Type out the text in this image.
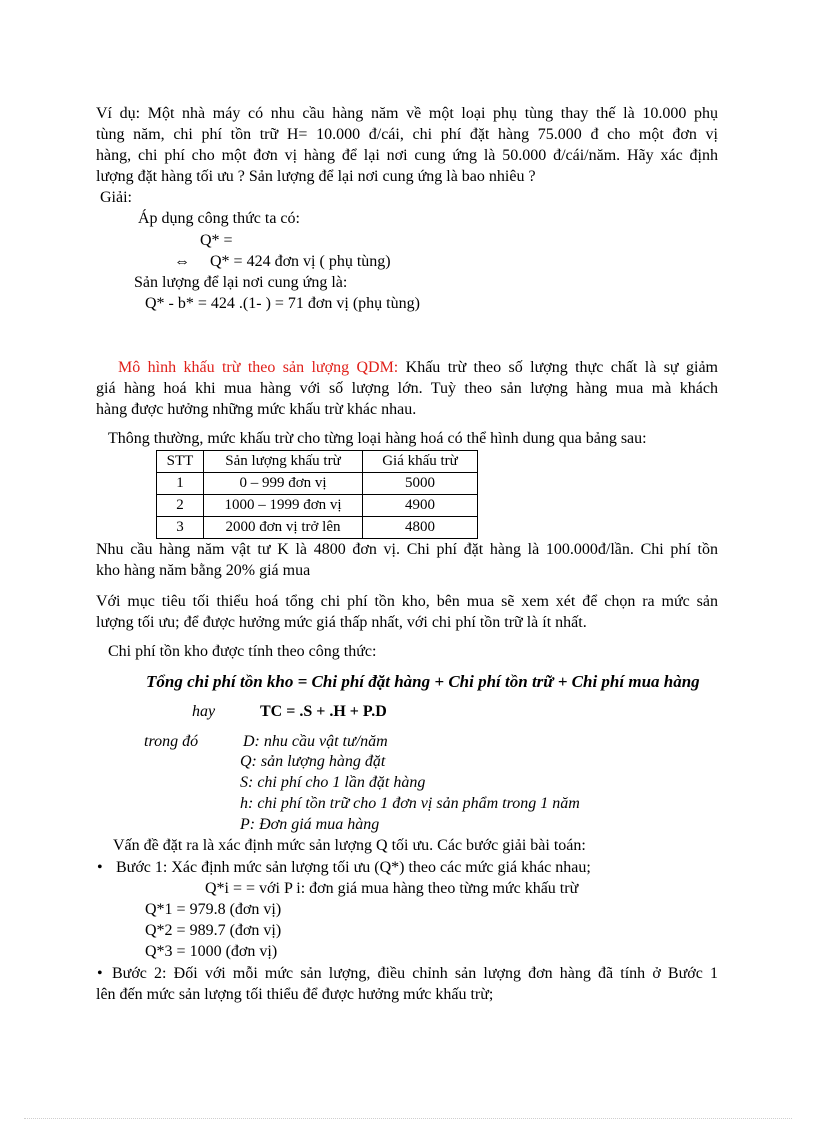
Ví dụ: Một nhà máy có nhu cầu hàng năm về một loại phụ tùng thay thế là 10.000 phụ
tùng năm, chi phí tồn trữ H= 10.000 đ/cái, chi phí đặt hàng 75.000 đ cho một đơn vị
hàng, chi phí cho một đơn vị hàng để lại nơi cung ứng là 50.000 đ/cái/năm. Hãy xác định
lượng đặt hàng tối ưu ? Sản lượng để lại nơi cung ứng là bao nhiêu ?
Giải:
Áp dụng công thức ta có:
Q* =
⇔ Q* = 424 đơn vị ( phụ tùng)
Sản lượng để lại nơi cung ứng là:
Q* - b* = 424 .(1- ) = 71 đơn vị (phụ tùng)
Mô hình khấu trừ theo sản lượng QDM: Khấu trừ theo số lượng thực chất là sự giảm
giá hàng hoá khi mua hàng với số lượng lớn. Tuỳ theo sản lượng hàng mua mà khách
hàng được hưởng những mức khấu trừ khác nhau.
Thông thường, mức khấu trừ cho từng loại hàng hoá có thể hình dung qua bảng sau:
STT	Sản lượng khấu trừ	Giá khấu trừ
1	0 – 999 đơn vị	5000
2	1000 – 1999 đơn vị	4900
3	2000 đơn vị trở lên	4800
Nhu cầu hàng năm vật tư K là 4800 đơn vị. Chi phí đặt hàng là 100.000đ/lần. Chi phí tồn
kho hàng năm bằng 20% giá mua
Với mục tiêu tối thiểu hoá tổng chi phí tồn kho, bên mua sẽ xem xét để chọn ra mức sản
lượng tối ưu; để được hưởng mức giá thấp nhất, với chi phí tồn trữ là ít nhất.
Chi phí tồn kho được tính theo công thức:
Tổng chi phí tồn kho = Chi phí đặt hàng + Chi phí tồn trữ + Chi phí mua hàng
hay	TC = .S + .H + P.D
trong đó	D: nhu cầu vật tư/năm
Q: sản lượng hàng đặt
S: chi phí cho 1 lần đặt hàng
h: chi phí tồn trữ cho 1 đơn vị sản phẩm trong 1 năm
P: Đơn giá mua hàng
Vấn đề đặt ra là xác định mức sản lượng Q tối ưu. Các bước giải bài toán:
• Bước 1: Xác định mức sản lượng tối ưu (Q*) theo các mức giá khác nhau;
Q*i = = với P i: đơn giá mua hàng theo từng mức khấu trừ
Q*1 = 979.8 (đơn vị)
Q*2 = 989.7 (đơn vị)
Q*3 = 1000 (đơn vị)
• Bước 2: Đối với mỗi mức sản lượng, điều chỉnh sản lượng đơn hàng đã tính ở Bước 1
lên đến mức sản lượng tối thiểu để được hưởng mức khấu trừ;
